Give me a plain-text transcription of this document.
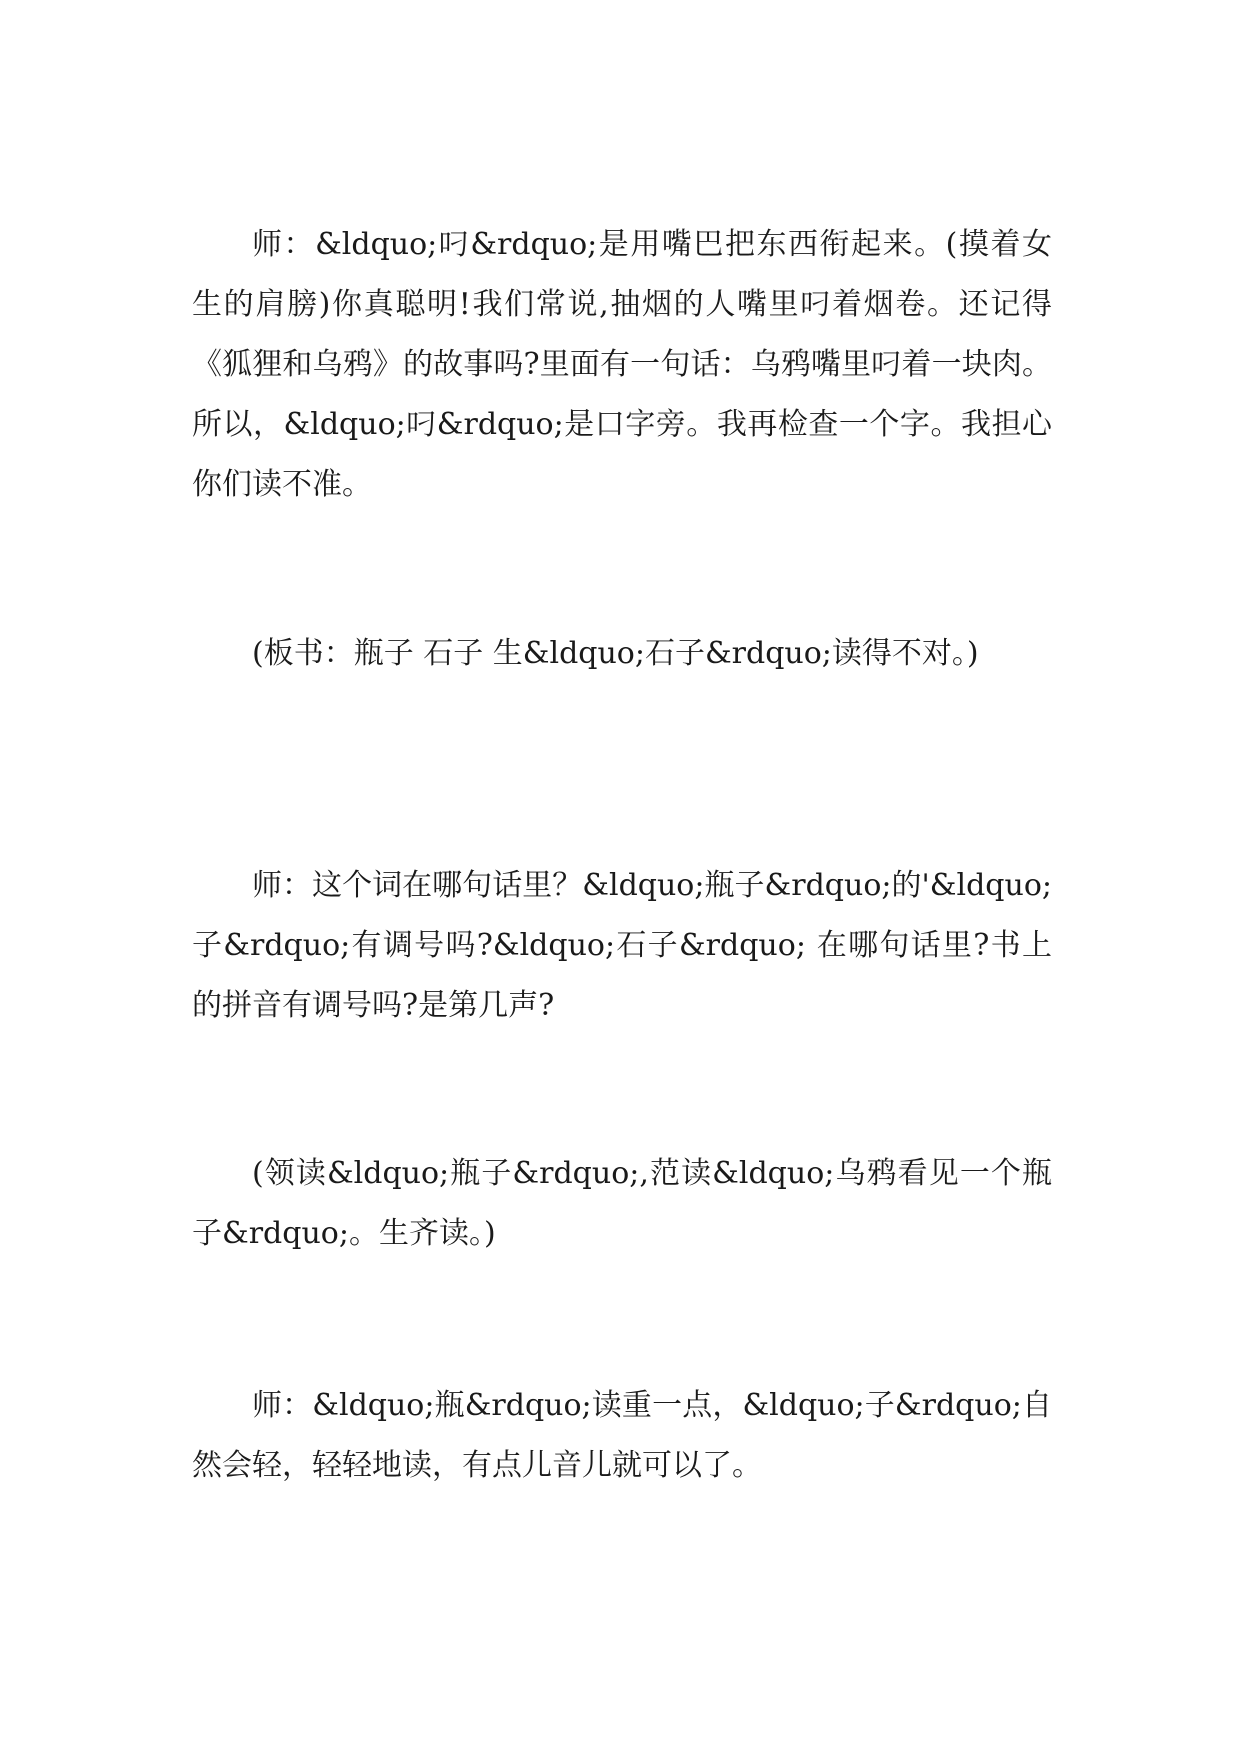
师：&ldquo;叼&rdquo;是用嘴巴把东西衔起来。(摸着女生的肩膀)你真聪明!我们常说,抽烟的人嘴里叼着烟卷。还记得《狐狸和乌鸦》的故事吗?里面有一句话：乌鸦嘴里叼着一块肉。所以，&ldquo;叼&rdquo;是口字旁。我再检查一个字。我担心你们读不准。

(板书：瓶子 石子 生&ldquo;石子&rdquo;读得不对。)

师：这个词在哪句话里？&ldquo;瓶子&rdquo;的'&ldquo;子&rdquo;有调号吗?&ldquo;石子&rdquo; 在哪句话里?书上的拼音有调号吗?是第几声?

(领读&ldquo;瓶子&rdquo;,范读&ldquo;乌鸦看见一个瓶子&rdquo;。生齐读。)

师：&ldquo;瓶&rdquo;读重一点，&ldquo;子&rdquo;自然会轻，轻轻地读，有点儿音儿就可以了。
